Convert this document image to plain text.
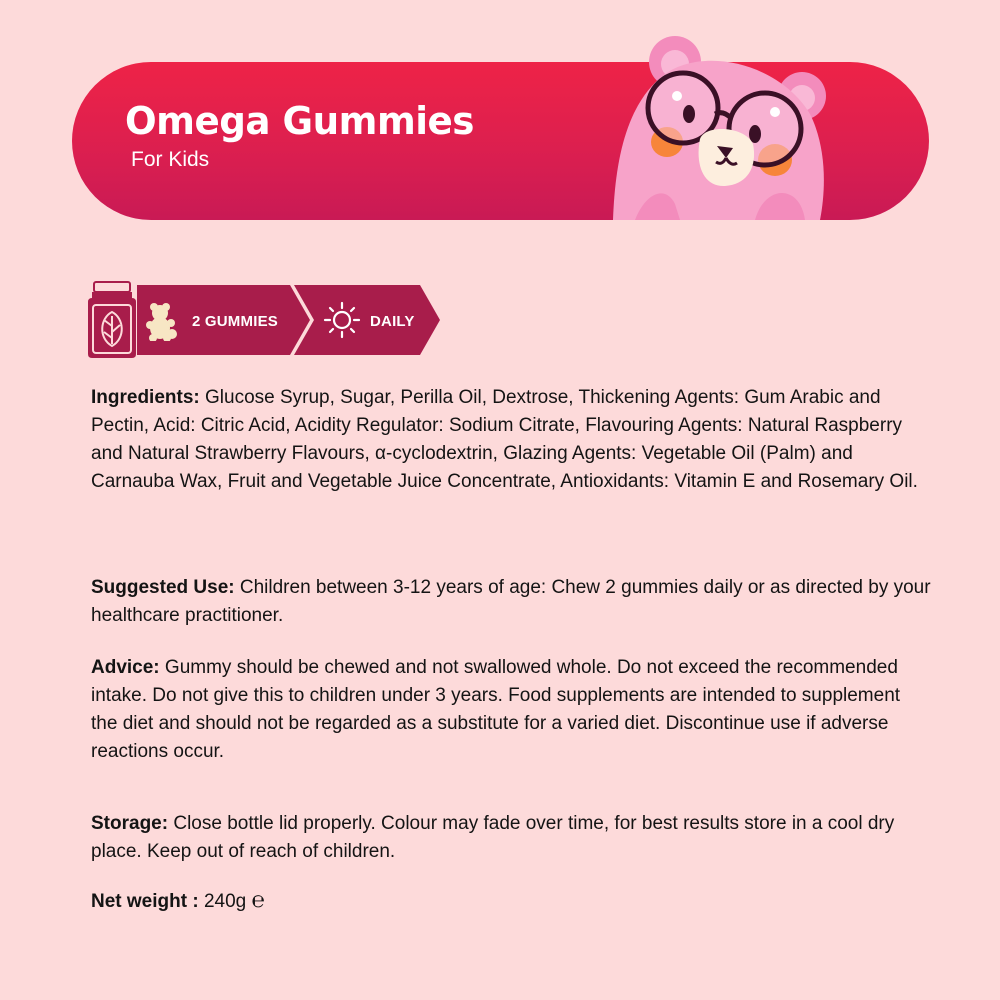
Omega Gummies
For Kids
2 GUMMIES	DAILY
Ingredients: Glucose Syrup, Sugar, Perilla Oil, Dextrose, Thickening Agents: Gum Arabic and Pectin, Acid: Citric Acid, Acidity Regulator: Sodium Citrate, Flavouring Agents: Natural Raspberry and Natural Strawberry Flavours, α-cyclodextrin, Glazing Agents: Vegetable Oil (Palm) and Carnauba Wax, Fruit and Vegetable Juice Concentrate, Antioxidants: Vitamin E and Rosemary Oil.
Suggested Use: Children between 3-12 years of age: Chew 2 gummies daily or as directed by your healthcare practitioner.
Advice: Gummy should be chewed and not swallowed whole. Do not exceed the recommended intake. Do not give this to children under 3 years. Food supplements are intended to supplement the diet and should not be regarded as a substitute for a varied diet. Discontinue use if adverse reactions occur.
Storage: Close bottle lid properly. Colour may fade over time, for best results store in a cool dry place. Keep out of reach of children.
Net weight : 240g ℮
